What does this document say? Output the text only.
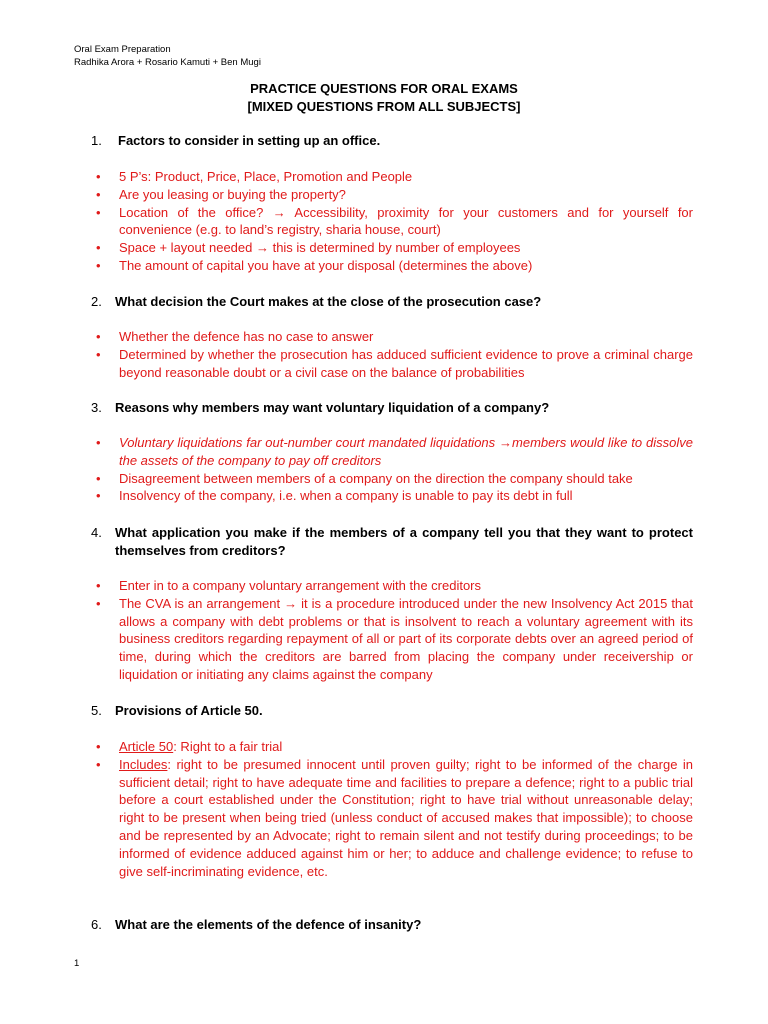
Oral Exam Preparation
Radhika Arora + Rosario Kamuti + Ben Mugi
PRACTICE QUESTIONS FOR ORAL EXAMS
[MIXED QUESTIONS FROM ALL SUBJECTS]
1. Factors to consider in setting up an office.
• 5 P’s: Product, Price, Place, Promotion and People
• Are you leasing or buying the property?
• Location of the office? → Accessibility, proximity for your customers and for yourself for convenience (e.g. to land’s registry, sharia house, court)
• Space + layout needed → this is determined by number of employees
• The amount of capital you have at your disposal (determines the above)
2. What decision the Court makes at the close of the prosecution case?
• Whether the defence has no case to answer
• Determined by whether the prosecution has adduced sufficient evidence to prove a criminal charge beyond reasonable doubt or a civil case on the balance of probabilities
3. Reasons why members may want voluntary liquidation of a company?
• Voluntary liquidations far out-number court mandated liquidations →members would like to dissolve the assets of the company to pay off creditors
• Disagreement between members of a company on the direction the company should take
• Insolvency of the company, i.e. when a company is unable to pay its debt in full
4. What application you make if the members of a company tell you that they want to protect themselves from creditors?
• Enter in to a company voluntary arrangement with the creditors
• The CVA is an arrangement → it is a procedure introduced under the new Insolvency Act 2015 that allows a company with debt problems or that is insolvent to reach a voluntary agreement with its business creditors regarding repayment of all or part of its corporate debts over an agreed period of time, during which the creditors are barred from placing the company under receivership or liquidation or initiating any claims against the company
5. Provisions of Article 50.
• Article 50: Right to a fair trial
• Includes: right to be presumed innocent until proven guilty; right to be informed of the charge in sufficient detail; right to have adequate time and facilities to prepare a defence; right to a public trial before a court established under the Constitution; right to have trial without unreasonable delay; right to be present when being tried (unless conduct of accused makes that impossible); to choose and be represented by an Advocate; right to remain silent and not testify during proceedings; to be informed of evidence adduced against him or her; to adduce and challenge evidence; to refuse to give self-incriminating evidence, etc.
6. What are the elements of the defence of insanity?
1
